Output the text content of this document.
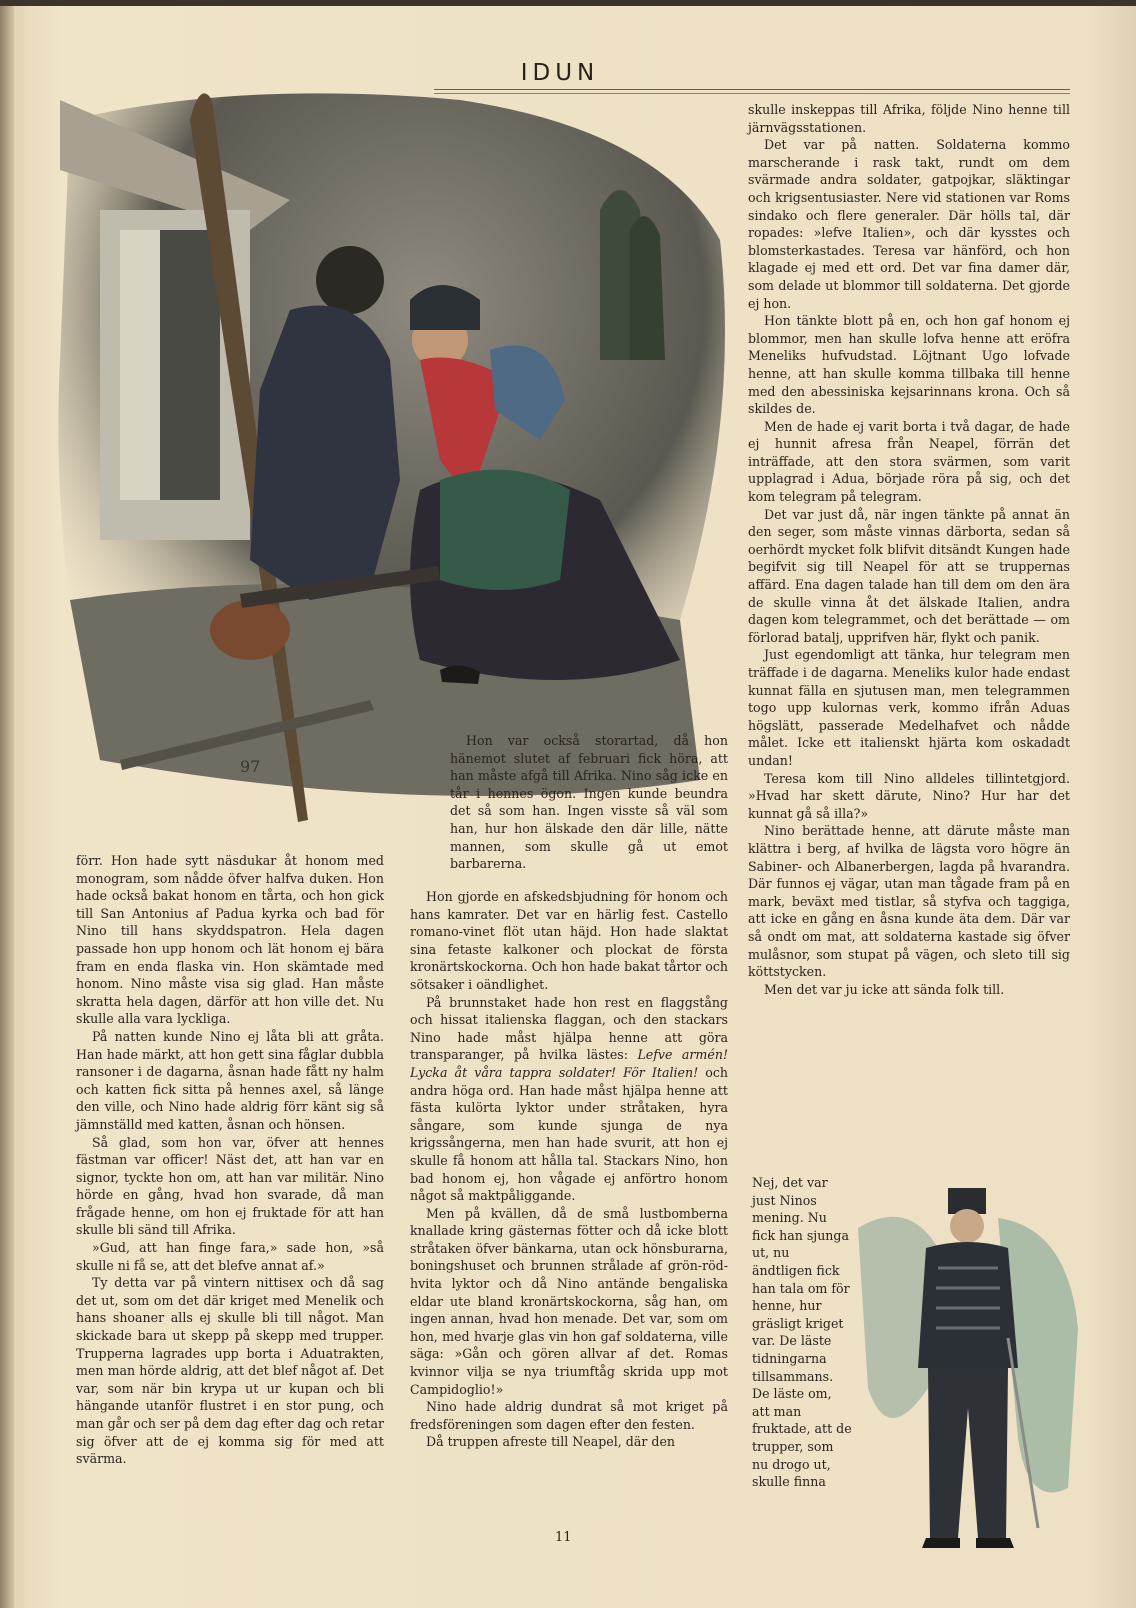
IDUN
97

Hon var också storartad, då hon hänemot slutet af februari fick höra, att han måste afgå till Afrika. Nino såg icke en tår i hennes ögon. Ingen kunde beundra det så som han. Ingen visste så väl som han, hur hon älskade den där lille, nätte mannen, som skulle gå ut emot barbarerna.

förr. Hon hade sytt näsdukar åt honom med monogram, som nådde öfver halfva duken. Hon hade också bakat honom en tårta, och hon gick till San Antonius af Padua kyrka och bad för Nino till hans skyddspatron. Hela dagen passade hon upp honom och lät honom ej bära fram en enda flaska vin. Hon skämtade med honom. Nino måste visa sig glad. Han måste skratta hela dagen, därför att hon ville det. Nu skulle alla vara lyckliga.

På natten kunde Nino ej låta bli att gråta. Han hade märkt, att hon gett sina fåglar dubbla ransoner i de dagarna, åsnan hade fått ny halm och katten fick sitta på hennes axel, så länge den ville, och Nino hade aldrig förr känt sig så jämnställd med katten, åsnan och hönsen.

Så glad, som hon var, öfver att hennes fästman var officer! Näst det, att han var en signor, tyckte hon om, att han var militär. Nino hörde en gång, hvad hon svarade, då man frågade henne, om hon ej fruktade för att han skulle bli sänd till Afrika.

»Gud, att han finge fara,» sade hon, »så skulle ni få se, att det blefve annat af.»

Ty detta var på vintern nittisex och då sag det ut, som om det där kriget med Menelik och hans shoaner alls ej skulle bli till något. Man skickade bara ut skepp på skepp med trupper. Trupperna lagrades upp borta i Aduatrakten, men man hörde aldrig, att det blef något af. Det var, som när bin krypa ut ur kupan och bli hängande utanför flustret i en stor pung, och man går och ser på dem dag efter dag och retar sig öfver att de ej komma sig för med att svärma.

Hon gjorde en afskedsbjudning för honom och hans kamrater. Det var en härlig fest. Castello romano-vinet flöt utan häjd. Hon hade slaktat sina fetaste kalkoner och plockat de första kronärtskockorna. Och hon hade bakat tårtor och sötsaker i oändlighet.

På brunnstaket hade hon rest en flaggstång och hissat italienska flaggan, och den stackars Nino hade måst hjälpa henne att göra transparanger, på hvilka lästes: Lefve armén! Lycka åt våra tappra soldater! För Italien! och andra höga ord. Han hade måst hjälpa henne att fästa kulörta lyktor under stråtaken, hyra sångare, som kunde sjunga de nya krigssångerna, men han hade svurit, att hon ej skulle få honom att hålla tal. Stackars Nino, hon bad honom ej, hon vågade ej anförtro honom något så maktpåliggande.

Men på kvällen, då de små lustbomberna knallade kring gästernas fötter och då icke blott stråtaken öfver bänkarna, utan ock hönsburarna, boningshuset och brunnen strålade af grön-röd-hvita lyktor och då Nino antände bengaliska eldar ute bland kronärtskockorna, såg han, om ingen annan, hvad hon menade. Det var, som om hon, med hvarje glas vin hon gaf soldaterna, ville säga: »Gån och gören allvar af det. Romas kvinnor vilja se nya triumftåg skrida upp mot Campidoglio!»

Nino hade aldrig dundrat så mot kriget på fredsföreningen som dagen efter den festen.

Då truppen afreste till Neapel, där den

skulle inskeppas till Afrika, följde Nino henne till järnvägsstationen.

Det var på natten. Soldaterna kommo marscherande i rask takt, rundt om dem svärmade andra soldater, gatpojkar, släktingar och krigsentusiaster. Nere vid stationen var Roms sindako och flere generaler. Där hölls tal, där ropades: »lefve Italien», och där kysstes och blomsterkastades. Teresa var hänförd, och hon klagade ej med ett ord. Det var fina damer där, som delade ut blommor till soldaterna. Det gjorde ej hon.

Hon tänkte blott på en, och hon gaf honom ej blommor, men han skulle lofva henne att eröfra Meneliks hufvudstad. Löjtnant Ugo lofvade henne, att han skulle komma tillbaka till henne med den abessiniska kejsarinnans krona. Och så skildes de.

Men de hade ej varit borta i två dagar, de hade ej hunnit afresa från Neapel, förrän det inträffade, att den stora svärmen, som varit upplagrad i Adua, började röra på sig, och det kom telegram på telegram.

Det var just då, när ingen tänkte på annat än den seger, som måste vinnas därborta, sedan så oerhördt mycket folk blifvit ditsändt Kungen hade begifvit sig till Neapel för att se truppernas affärd. Ena dagen talade han till dem om den ära de skulle vinna åt det älskade Italien, andra dagen kom telegrammet, och det berättade — om förlorad batalj, upprifven här, flykt och panik.

Just egendomligt att tänka, hur telegram men träffade i de dagarna. Meneliks kulor hade endast kunnat fälla en sjutusen man, men telegrammen togo upp kulornas verk, kommo ifrån Aduas högslätt, passerade Medelhafvet och nådde målet. Icke ett italienskt hjärta kom oskadadt undan!

Teresa kom till Nino alldeles tillintetgjord. »Hvad har skett därute, Nino? Hur har det kunnat gå så illa?»

Nino berättade henne, att därute måste man klättra i berg, af hvilka de lägsta voro högre än Sabiner- och Albanerbergen, lagda på hvarandra. Där funnos ej vägar, utan man tågade fram på en mark, beväxt med tistlar, så styfva och taggiga, att icke en gång en åsna kunde äta dem. Där var så ondt om mat, att soldaterna kastade sig öfver mulåsnor, som stupat på vägen, och sleto till sig köttstycken.

Men det var ju icke att sända folk till.

Nej, det var just Ninos mening. Nu fick han sjunga ut, nu ändtligen fick han tala om för henne, hur gräsligt kriget var. De läste tidningarna tillsammans. De läste om, att man fruktade, att de trupper, som nu drogo ut, skulle finna

11
